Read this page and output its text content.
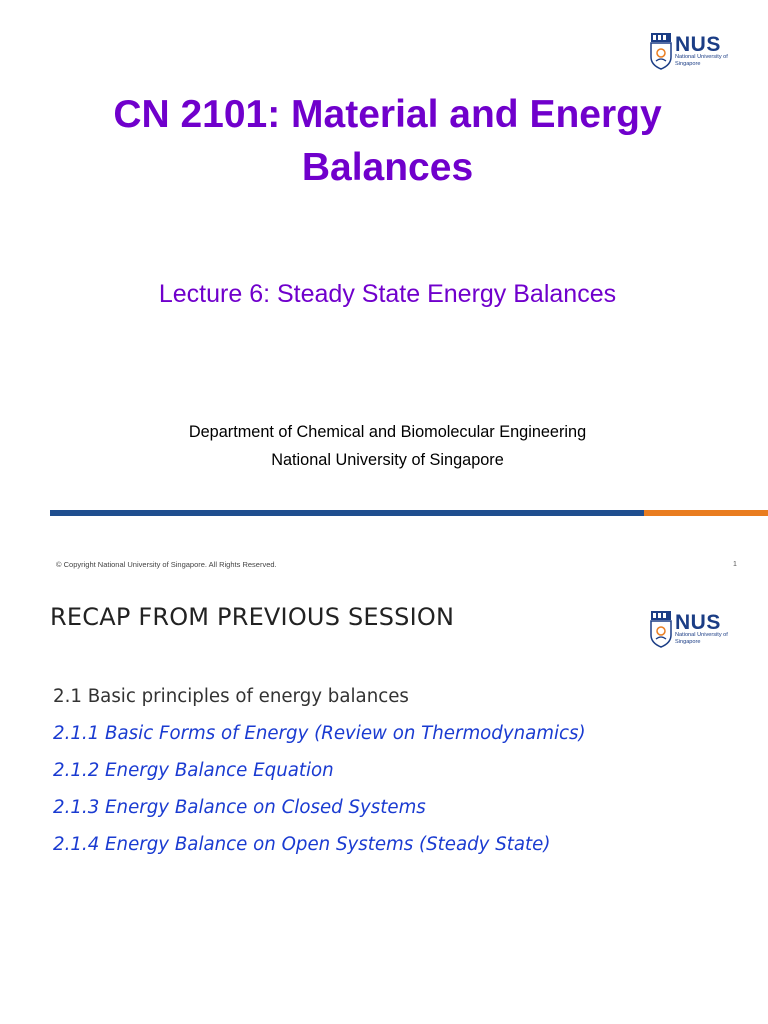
NUS
National University of Singapore
CN 2101: Material and Energy
Balances
Lecture 6: Steady State Energy Balances
Department of Chemical and Biomolecular Engineering
National University of Singapore
© Copyright National University of Singapore. All Rights Reserved.	1
RECAP FROM PREVIOUS SESSION	NUS
National University of Singapore
2.1 Basic principles of energy balances
2.1.1 Basic Forms of Energy (Review on Thermodynamics)
2.1.2 Energy Balance Equation
2.1.3 Energy Balance on Closed Systems
2.1.4 Energy Balance on Open Systems (Steady State)
